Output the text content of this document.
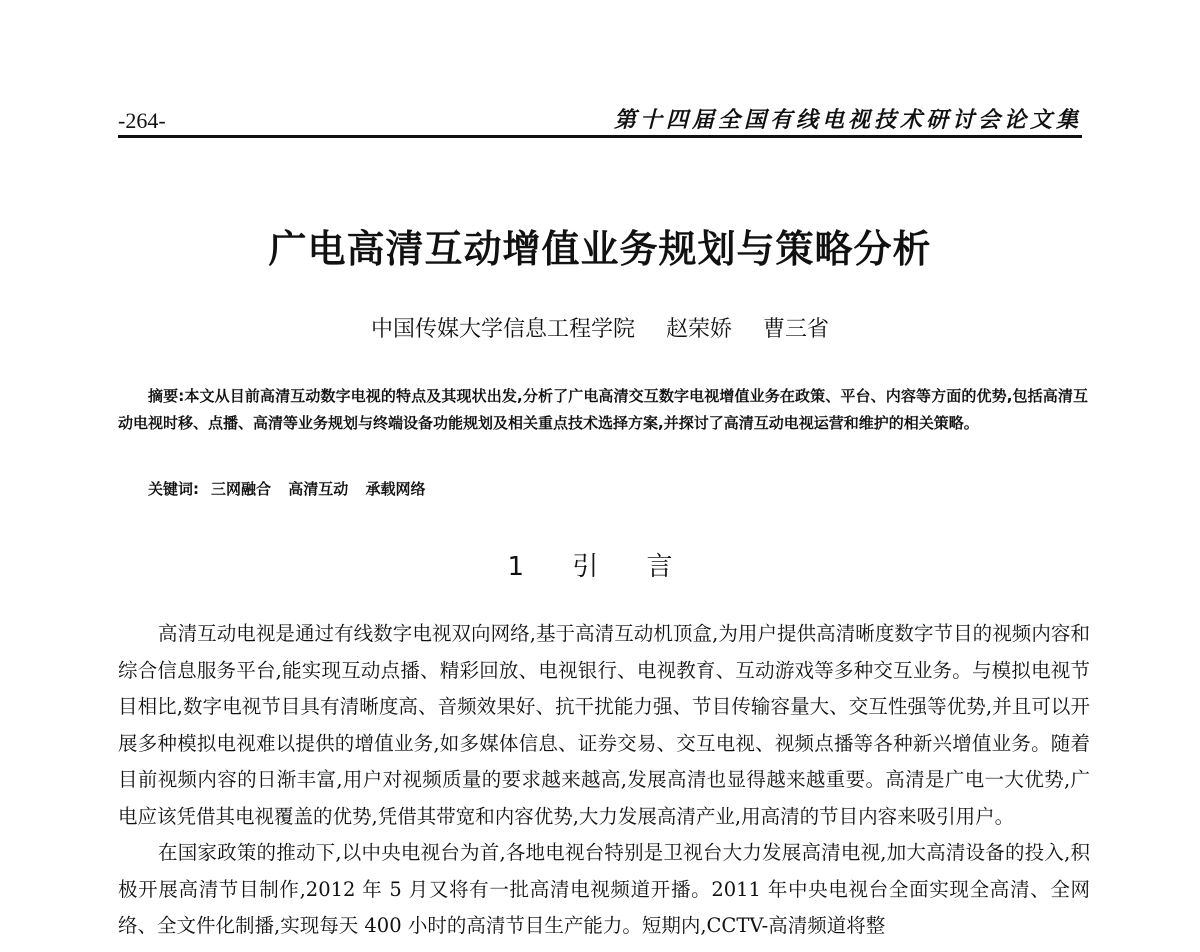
-264-	第十四届全国有线电视技术研讨会论文集
广电高清互动增值业务规划与策略分析
中国传媒大学信息工程学院 赵荣娇 曹三省
摘要:本文从目前高清互动数字电视的特点及其现状出发,分析了广电高清交互数字电视增值业务在政策、平台、内容等方面的优势,包括高清互动电视时移、点播、高清等业务规划与终端设备功能规划及相关重点技术选择方案,并探讨了高清互动电视运营和维护的相关策略。
关键词: 三网融合 高清互动 承载网络
1 引 言

高清互动电视是通过有线数字电视双向网络,基于高清互动机顶盒,为用户提供高清晰度数字节目的视频内容和综合信息服务平台,能实现互动点播、精彩回放、电视银行、电视教育、互动游戏等多种交互业务。与模拟电视节目相比,数字电视节目具有清晰度高、音频效果好、抗干扰能力强、节目传输容量大、交互性强等优势,并且可以开展多种模拟电视难以提供的增值业务,如多媒体信息、证券交易、交互电视、视频点播等各种新兴增值业务。随着目前视频内容的日渐丰富,用户对视频质量的要求越来越高,发展高清也显得越来越重要。高清是广电一大优势,广电应该凭借其电视覆盖的优势,凭借其带宽和内容优势,大力发展高清产业,用高清的节目内容来吸引用户。

在国家政策的推动下,以中央电视台为首,各地电视台特别是卫视台大力发展高清电视,加大高清设备的投入,积极开展高清节目制作,2012 年 5 月又将有一批高清电视频道开播。2011 年中央电视台全面实现全高清、全网络、全文件化制播,实现每天 400 小时的高清节目生产能力。短期内,CCTV-高清频道将整
